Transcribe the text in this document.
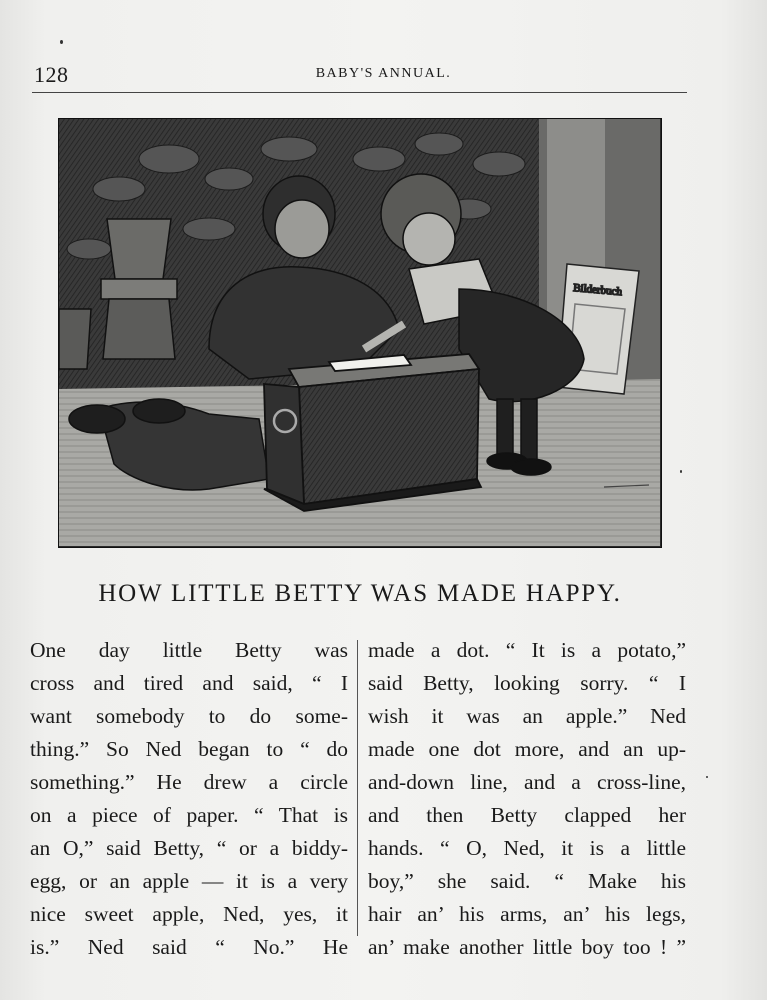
128	BABY'S ANNUAL.
Bilderbuch
HOW LITTLE BETTY WAS MADE HAPPY.
One day little Betty was
cross and tired and said, “ I
want somebody to do some-
thing.” So Ned began to “ do
something.” He drew a circle
on a piece of paper. “ That is
an O,” said Betty, “ or a biddy-
egg, or an apple — it is a very
nice sweet apple, Ned, yes, it
is.” Ned said “ No.” He
made a dot. “ It is a potato,”
said Betty, looking sorry. “ I
wish it was an apple.” Ned
made one dot more, and an up-
and-down line, and a cross-line,
and then Betty clapped her
hands. “ O, Ned, it is a little
boy,” she said. “ Make his
hair an’ his arms, an’ his legs,
an’ make another little boy too ! ”
